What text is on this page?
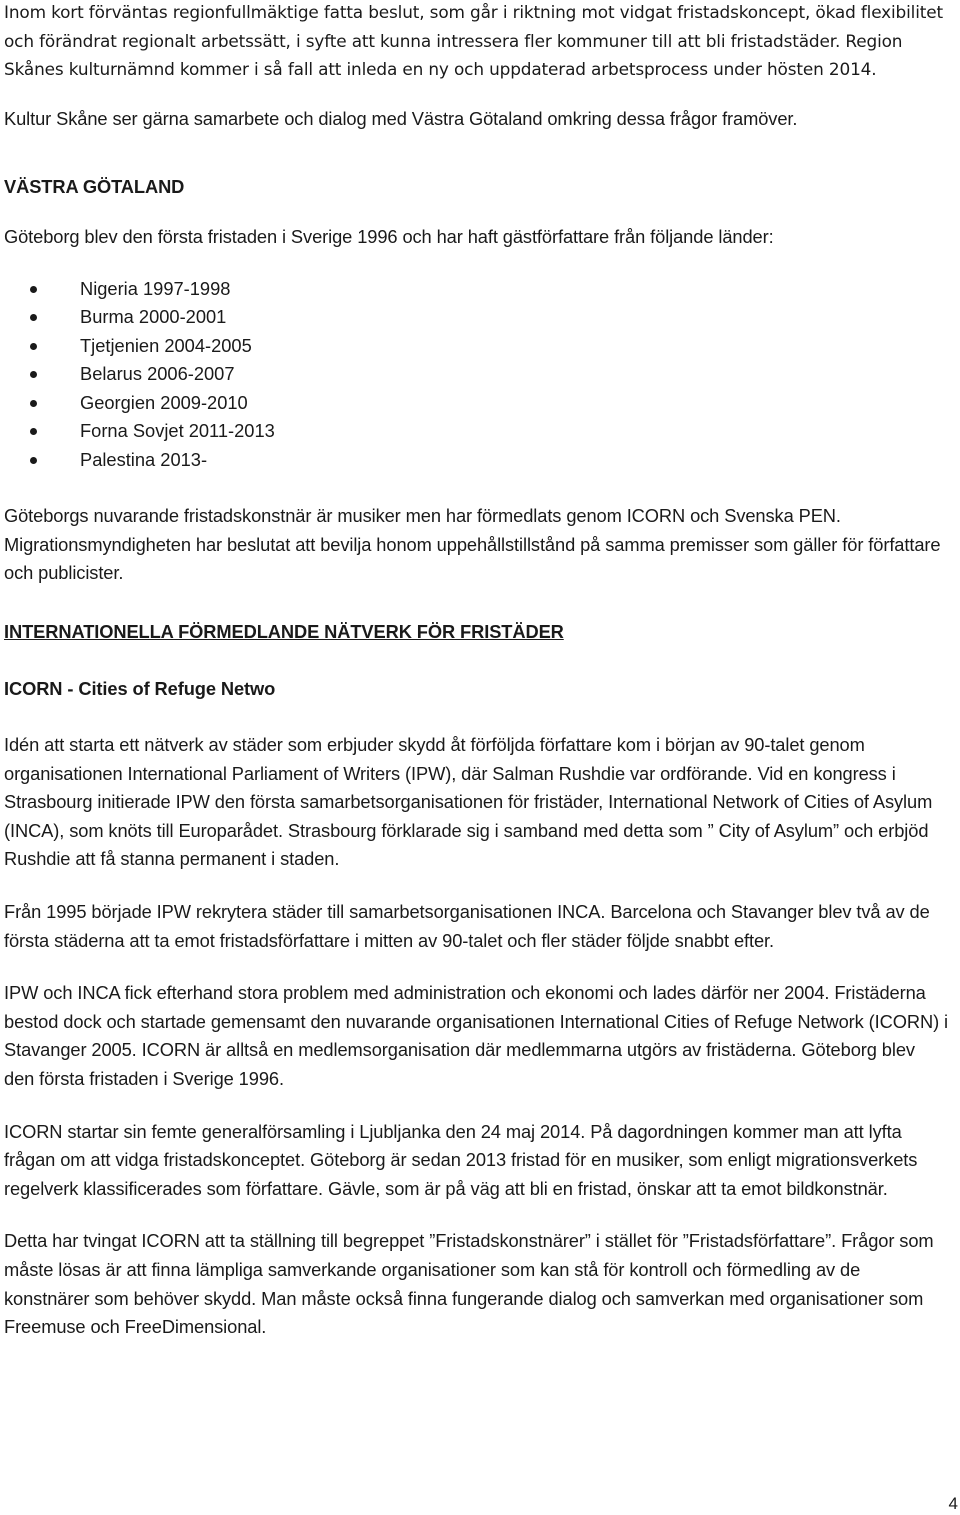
Inom kort förväntas regionfullmäktige fatta beslut, som går i riktning mot vidgat fristadskoncept, ökad flexibilitet och förändrat regionalt arbetssätt, i syfte att kunna intressera fler kommuner till att bli fristadstäder. Region Skånes kulturnämnd kommer i så fall att inleda en ny och uppdaterad arbetsprocess under hösten 2014.

Kultur Skåne ser gärna samarbete och dialog med Västra Götaland omkring dessa frågor framöver.

VÄSTRA GÖTALAND

Göteborg blev den första fristaden i Sverige 1996 och har haft gästförfattare från följande länder:

Nigeria 1997-1998
Burma 2000-2001
Tjetjenien 2004-2005
Belarus 2006-2007
Georgien 2009-2010
Forna Sovjet 2011-2013
Palestina 2013-

Göteborgs nuvarande fristadskonstnär är musiker men har förmedlats genom ICORN och Svenska PEN. Migrationsmyndigheten har beslutat att bevilja honom uppehållstillstånd på samma premisser som gäller för författare och publicister.

INTERNATIONELLA FÖRMEDLANDE NÄTVERK FÖR FRISTÄDER

ICORN - Cities of Refuge Netwo

Idén att starta ett nätverk av städer som erbjuder skydd åt förföljda författare kom i början av 90-talet genom organisationen International Parliament of Writers (IPW), där Salman Rushdie var ordförande. Vid en kongress i Strasbourg initierade IPW den första samarbetsorganisationen för fristäder, International Network of Cities of Asylum (INCA), som knöts till Europarådet. Strasbourg förklarade sig i samband med detta som ” City of Asylum” och erbjöd Rushdie att få stanna permanent i staden.

Från 1995 började IPW rekrytera städer till samarbetsorganisationen INCA. Barcelona och Stavanger blev två av de första städerna att ta emot fristadsförfattare i mitten av 90-talet och fler städer följde snabbt efter.

IPW och INCA fick efterhand stora problem med administration och ekonomi och lades därför ner 2004. Fristäderna bestod dock och startade gemensamt den nuvarande organisationen International Cities of Refuge Network (ICORN) i Stavanger 2005. ICORN är alltså en medlemsorganisation där medlemmarna utgörs av fristäderna. Göteborg blev den första fristaden i Sverige 1996.

ICORN startar sin femte generalförsamling i Ljubljanka den 24 maj 2014. På dagordningen kommer man att lyfta frågan om att vidga fristadskonceptet. Göteborg är sedan 2013 fristad för en musiker, som enligt migrationsverkets regelverk klassificerades som författare. Gävle, som är på väg att bli en fristad, önskar att ta emot bildkonstnär.

Detta har tvingat ICORN att ta ställning till begreppet ”Fristadskonstnärer” i stället för ”Fristadsförfattare”. Frågor som måste lösas är att finna lämpliga samverkande organisationer som kan stå för kontroll och förmedling av de konstnärer som behöver skydd. Man måste också finna fungerande dialog och samverkan med organisationer som Freemuse och FreeDimensional.

4
